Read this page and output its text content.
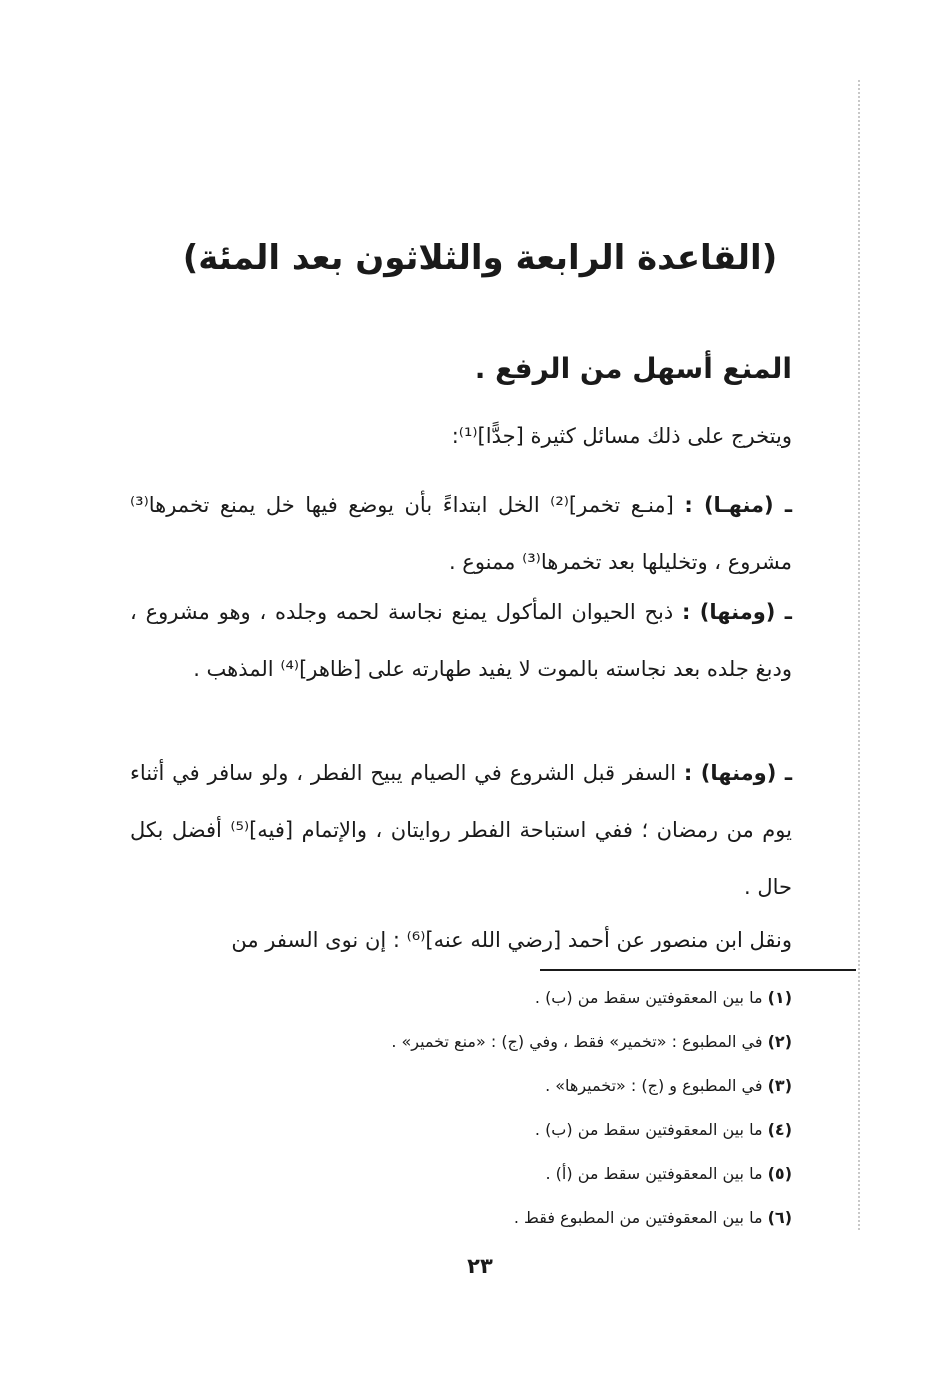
(القاعدة الرابعة والثلاثون بعد المئة)
المنع أسهل من الرفع .
ويتخرج على ذلك مسائل كثيرة [جدًّا]⁽¹⁾:
ـ (منهـا) : [منـع تخمر]⁽²⁾ الخل ابتداءً بأن يوضع فيها خل يمنع تخمرها⁽³⁾ مشروع ، وتخليلها بعد تخمرها⁽³⁾ ممنوع .
ـ (ومنها) : ذبح الحيوان المأكول يمنع نجاسة لحمه وجلده ، وهو مشروع ، ودبغ جلده بعد نجاسته بالموت لا يفيد طهارته على [ظاهر]⁽⁴⁾ المذهب .
ـ (ومنها) : السفر قبل الشروع في الصيام يبيح الفطر ، ولو سافر في أثناء يوم من رمضان ؛ ففي استباحة الفطر روايتان ، والإتمام [فيه]⁽⁵⁾ أفضل بكل حال .
ونقل ابن منصور عن أحمد [رضي الله عنه]⁽⁶⁾ : إن نوى السفر من
(١) ما بين المعقوفتين سقط من (ب) .
(٢) في المطبوع : «تخمير» فقط ، وفي (ج) : «منع تخمير» .
(٣) في المطبوع و (ج) : «تخميرها» .
(٤) ما بين المعقوفتين سقط من (ب) .
(٥) ما بين المعقوفتين سقط من (أ) .
(٦) ما بين المعقوفتين من المطبوع فقط .
٢٣
